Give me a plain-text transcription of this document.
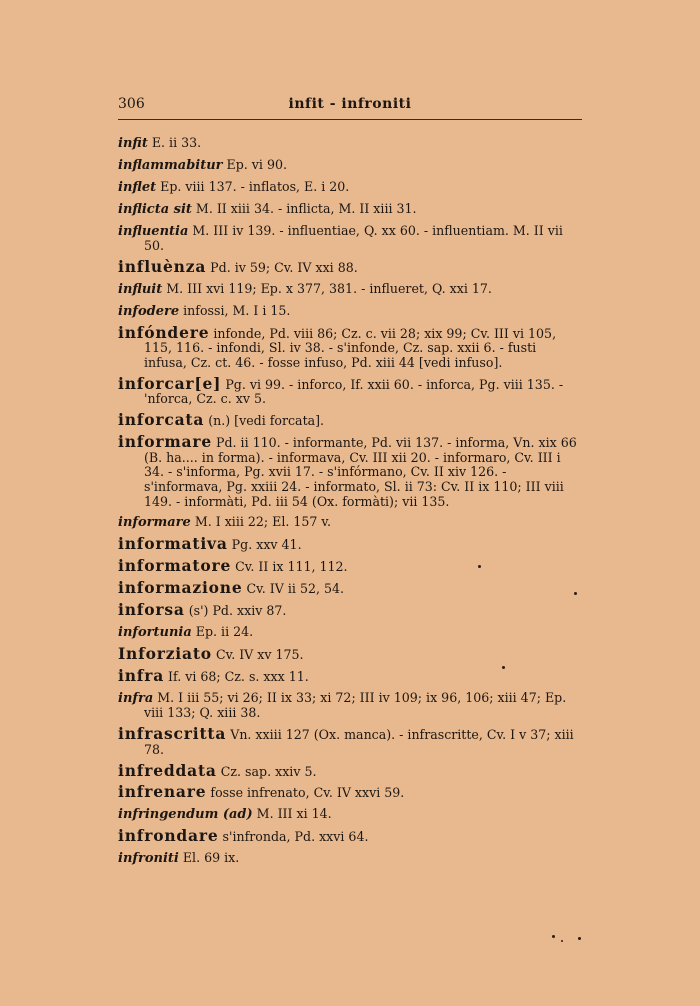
306	infit - infroniti
infit E. ii 33.
inflammabitur Ep. vi 90.
inflet Ep. viii 137. - inflatos, E. i 20.
inflicta sit M. II xiii 34. - inflicta, M. II xiii 31.
influentia M. III iv 139. - influentiae, Q. xx 60. - influentiam. M. II vii 50.
influènza Pd. iv 59; Cv. IV xxi 88.
influit M. III xvi 119; Ep. x 377, 381. - influeret, Q. xxi 17.
infodere infossi, M. I i 15.
infóndere infonde, Pd. viii 86; Cz. c. vii 28; xix 99; Cv. III vi 105, 115, 116. - infondi, Sl. iv 38. - s'infonde, Cz. sap. xxii 6. - fusti infusa, Cz. ct. 46. - fosse infuso, Pd. xiii 44 [vedi infuso].
inforcar[e] Pg. vi 99. - inforco, If. xxii 60. - inforca, Pg. viii 135. - 'nforca, Cz. c. xv 5.
inforcata (n.) [vedi forcata].
informare Pd. ii 110. - informante, Pd. vii 137. - informa, Vn. xix 66 (B. ha.... in forma). - informava, Cv. III xii 20. - informaro, Cv. III i 34. - s'informa, Pg. xvii 17. - s'infórmano, Cv. II xiv 126. - s'informava, Pg. xxiii 24. - informato, Sl. ii 73: Cv. II ix 110; III viii 149. - informàti, Pd. iii 54 (Ox. formàti); vii 135.
informare M. I xiii 22; El. 157 v.
informativa Pg. xxv 41.
informatore Cv. II ix 111, 112.
informazione Cv. IV ii 52, 54.
inforsa (s') Pd. xxiv 87.
infortunia Ep. ii 24.
Inforziato Cv. IV xv 175.
infra If. vi 68; Cz. s. xxx 11.
infra M. I iii 55; vi 26; II ix 33; xi 72; III iv 109; ix 96, 106; xiii 47; Ep. viii 133; Q. xiii 38.
infrascritta Vn. xxiii 127 (Ox. manca). - infrascritte, Cv. I v 37; xiii 78.
infreddata Cz. sap. xxiv 5.
infrenare fosse infrenato, Cv. IV xxvi 59.
infringendum (ad) M. III xi 14.
infrondare s'infronda, Pd. xxvi 64.
infroniti El. 69 ix.
